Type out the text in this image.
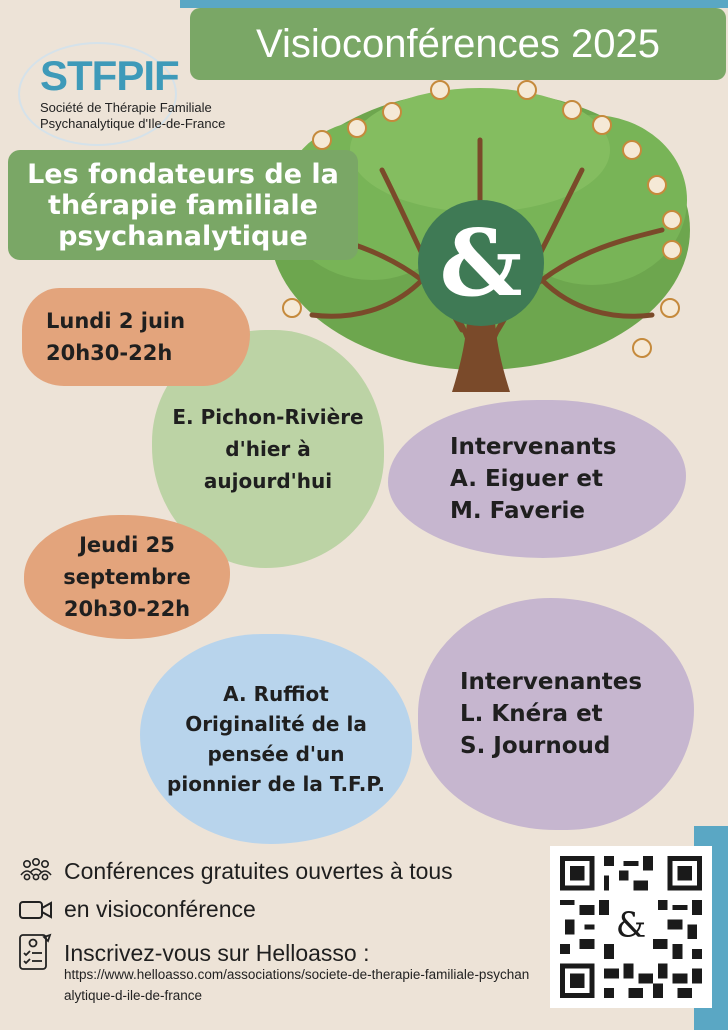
Visioconférences 2025
STFPIF
Société de Thérapie Familiale Psychanalytique d'Ile-de-France
&
Les fondateurs de la
thérapie familiale
psychanalytique
E. Pichon-Rivière
d'hier à
aujourd'hui
Lundi 2 juin
20h30-22h
Intervenants
A. Eiguer et
M. Faverie
A. Ruffiot
Originalité de la
pensée d'un
pionnier de la T.F.P.
Jeudi 25
septembre
20h30-22h
Intervenantes
L. Knéra et
S. Journoud
Conférences gratuites ouvertes à tous
en visioconférence
Inscrivez-vous sur Helloasso :
https://www.helloasso.com/associations/societe-de-therapie-familiale-psychanalytique-d-ile-de-france
&
